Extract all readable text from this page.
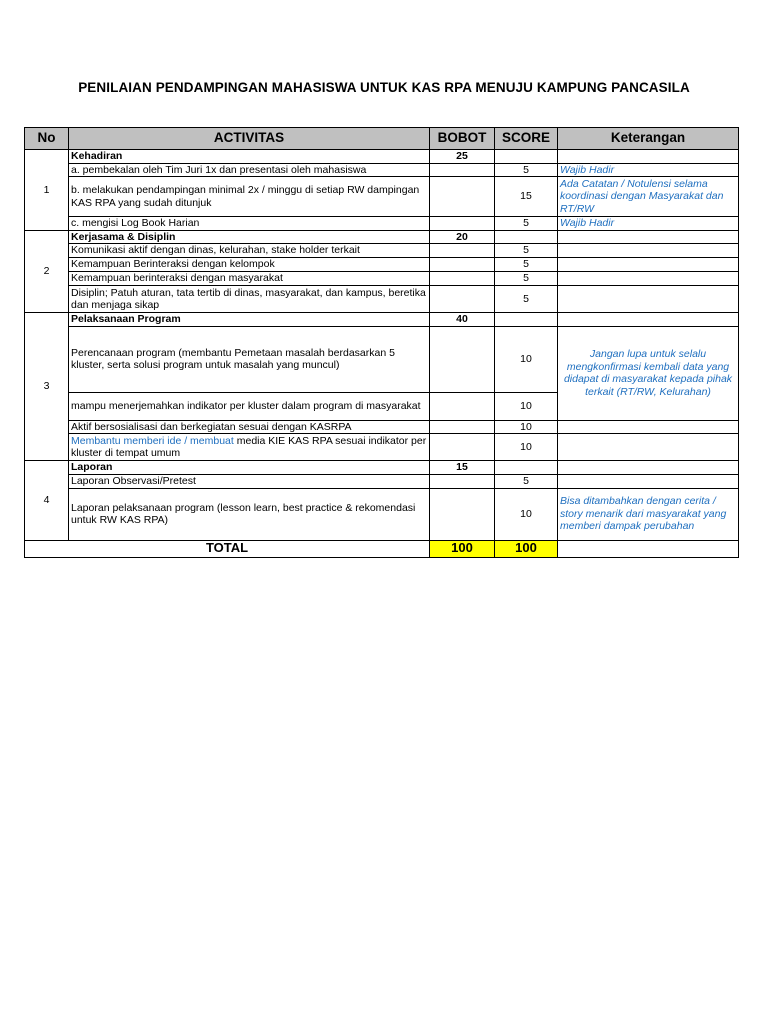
PENILAIAN PENDAMPINGAN MAHASISWA UNTUK KAS RPA MENUJU KAMPUNG PANCASILA
No	ACTIVITAS	BOBOT	SCORE	Keterangan
1	Kehadiran	25		
	a. pembekalan oleh Tim Juri 1x dan presentasi oleh mahasiswa		5	Wajib Hadir
	b. melakukan pendampingan minimal 2x / minggu di setiap RW dampingan KAS RPA yang sudah ditunjuk		15	Ada Catatan / Notulensi selama koordinasi dengan Masyarakat dan RT/RW
	c. mengisi Log Book Harian		5	Wajib Hadir
2	Kerjasama & Disiplin	20		
	Komunikasi aktif dengan dinas, kelurahan, stake holder terkait		5	
	Kemampuan Berinteraksi dengan kelompok		5	
	Kemampuan berinteraksi dengan masyarakat		5	
	Disiplin; Patuh aturan, tata tertib di dinas, masyarakat, dan kampus, beretika dan menjaga sikap		5	
3	Pelaksanaan Program	40		
	Perencanaan program (membantu Pemetaan masalah berdasarkan 5 kluster, serta solusi program untuk masalah yang muncul)		10	Jangan lupa untuk selalu mengkonfirmasi kembali data yang didapat di masyarakat kepada pihak terkait (RT/RW, Kelurahan)
	mampu menerjemahkan indikator per kluster dalam program di masyarakat		10	
	Aktif bersosialisasi dan berkegiatan sesuai dengan KASRPA		10	
	Membantu memberi ide / membuat media KIE KAS RPA sesuai indikator per kluster di tempat umum		10	
4	Laporan	15		
	Laporan Observasi/Pretest		5	
	Laporan pelaksanaan program (lesson learn, best practice & rekomendasi untuk RW KAS RPA)		10	Bisa ditambahkan dengan cerita / story menarik dari masyarakat yang memberi dampak perubahan
TOTAL		100	100	
